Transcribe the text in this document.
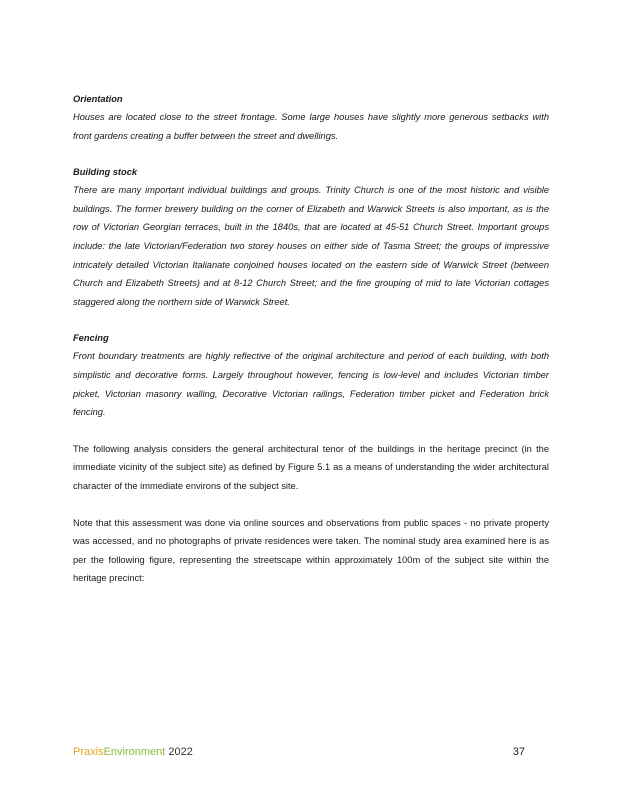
Orientation

Houses are located close to the street frontage. Some large houses have slightly more generous setbacks with front gardens creating a buffer between the street and dwellings.

Building stock

There are many important individual buildings and groups. Trinity Church is one of the most historic and visible buildings. The former brewery building on the corner of Elizabeth and Warwick Streets is also important, as is the row of Victorian Georgian terraces, built in the 1840s, that are located at 45-51 Church Street. Important groups include: the late Victorian/Federation two storey houses on either side of Tasma Street; the groups of impressive intricately detailed Victorian Italianate conjoined houses located on the eastern side of Warwick Street (between Church and Elizabeth Streets) and at 8-12 Church Street; and the fine grouping of mid to late Victorian cottages staggered along the northern side of Warwick Street.

Fencing

Front boundary treatments are highly reflective of the original architecture and period of each building, with both simplistic and decorative forms. Largely throughout however, fencing is low-level and includes Victorian timber picket, Victorian masonry walling, Decorative Victorian railings, Federation timber picket and Federation brick fencing.

The following analysis considers the general architectural tenor of the buildings in the heritage precinct (in the immediate vicinity of the subject site) as defined by Figure 5.1 as a means of understanding the wider architectural character of the immediate environs of the subject site.

Note that this assessment was done via online sources and observations from public spaces - no private property was accessed, and no photographs of private residences were taken. The nominal study area examined here is as per the following figure, representing the streetscape within approximately 100m of the subject site within the heritage precinct:

PraxisEnvironment 2022	37
